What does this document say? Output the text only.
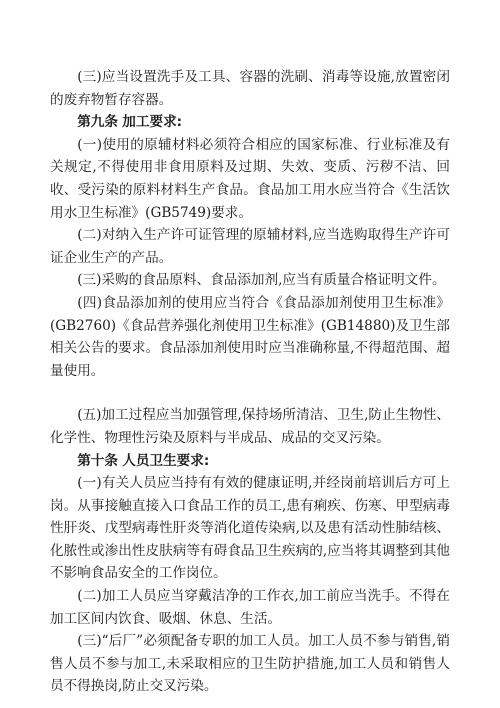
(三)应当设置洗手及工具、容器的洗刷、消毒等设施,放置密闭的废弃物暂存容器。

第九条 加工要求:

(一)使用的原辅材料必须符合相应的国家标准、行业标准及有关规定,不得使用非食用原料及过期、失效、变质、污秽不洁、回收、受污染的原料材料生产食品。食品加工用水应当符合《生活饮用水卫生标准》(GB5749)要求。

(二)对纳入生产许可证管理的原辅材料,应当选购取得生产许可证企业生产的产品。

(三)采购的食品原料、食品添加剂,应当有质量合格证明文件。

(四)食品添加剂的使用应当符合《食品添加剂使用卫生标准》(GB2760)《食品营养强化剂使用卫生标准》(GB14880)及卫生部相关公告的要求。食品添加剂使用时应当准确称量,不得超范围、超量使用。

(五)加工过程应当加强管理,保持场所清洁、卫生,防止生物性、化学性、物理性污染及原料与半成品、成品的交叉污染。

第十条 人员卫生要求:

(一)有关人员应当持有有效的健康证明,并经岗前培训后方可上岗。从事接触直接入口食品工作的员工,患有痢疾、伤寒、甲型病毒性肝炎、戊型病毒性肝炎等消化道传染病,以及患有活动性肺结核、化脓性或渗出性皮肤病等有碍食品卫生疾病的,应当将其调整到其他不影响食品安全的工作岗位。

(二)加工人员应当穿戴洁净的工作衣,加工前应当洗手。不得在加工区间内饮食、吸烟、休息、生活。

(三)“后厂”必须配备专职的加工人员。加工人员不参与销售,销售人员不参与加工,未采取相应的卫生防护措施,加工人员和销售人员不得换岗,防止交叉污染。
